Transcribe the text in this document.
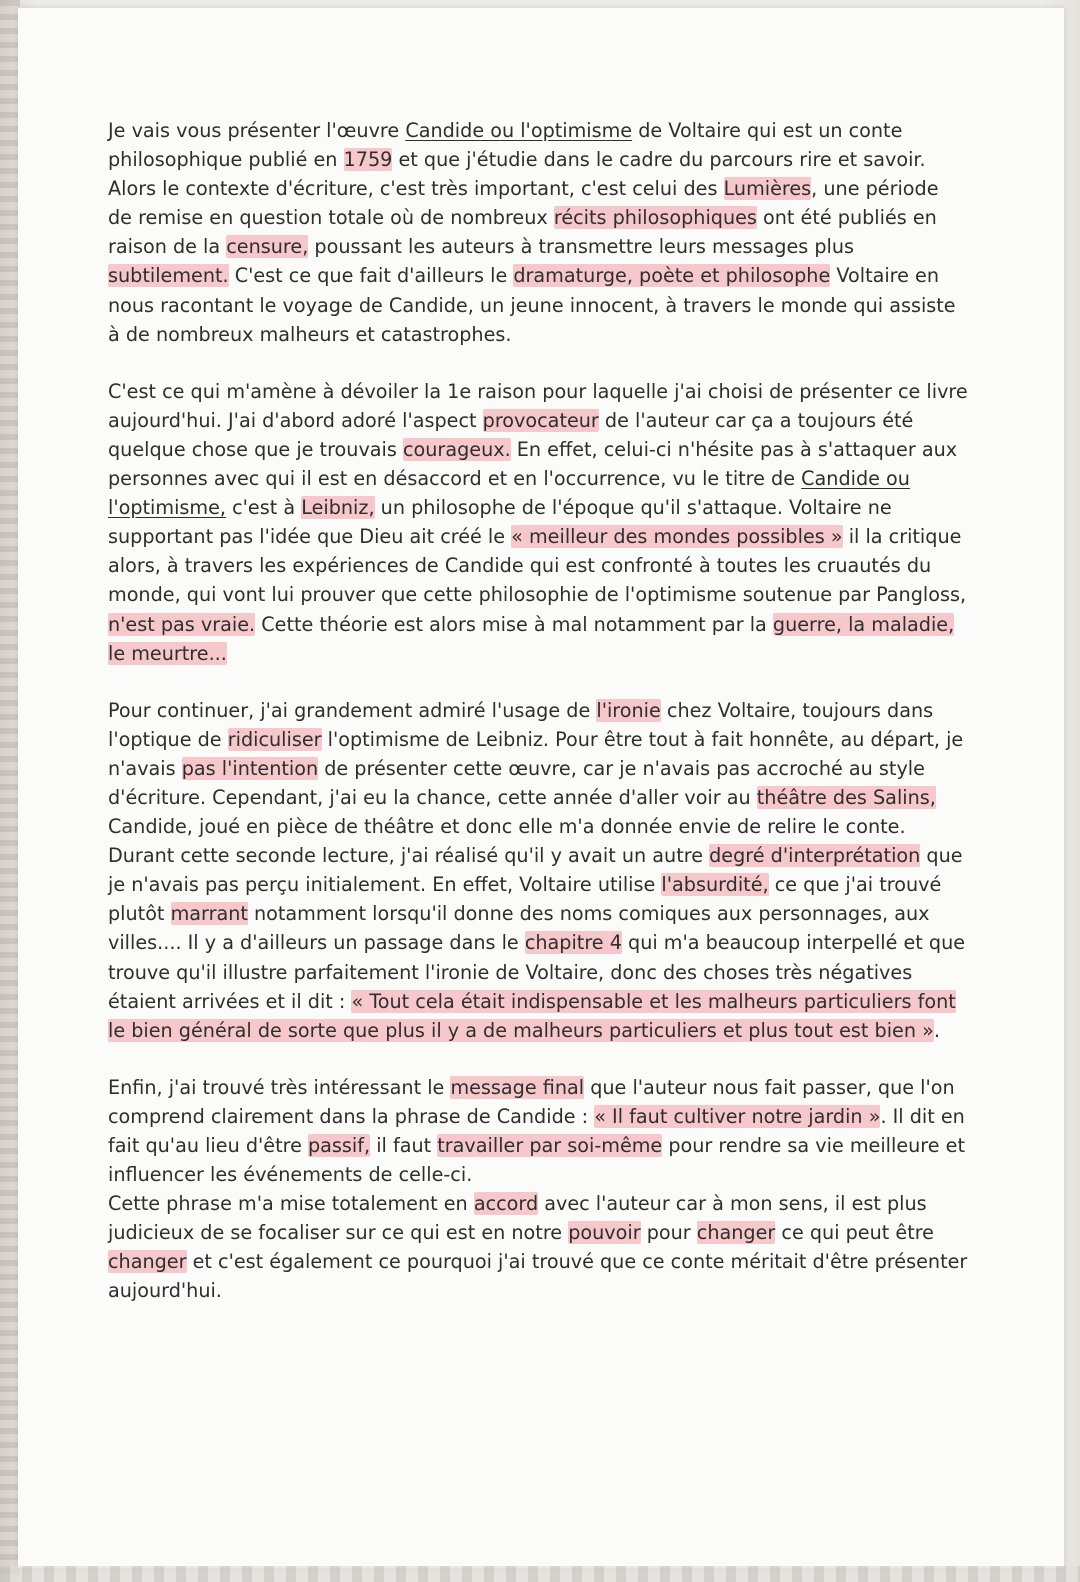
Je vais vous présenter l'œuvre Candide ou l'optimisme de Voltaire qui est un conte philosophique publié en 1759 et que j'étudie dans le cadre du parcours rire et savoir. Alors le contexte d'écriture, c'est très important, c'est celui des Lumières, une période de remise en question totale où de nombreux récits philosophiques ont été publiés en raison de la censure, poussant les auteurs à transmettre leurs messages plus subtilement. C'est ce que fait d'ailleurs le dramaturge, poète et philosophe Voltaire en nous racontant le voyage de Candide, un jeune innocent, à travers le monde qui assiste à de nombreux malheurs et catastrophes.

C'est ce qui m'amène à dévoiler la 1e raison pour laquelle j'ai choisi de présenter ce livre aujourd'hui. J'ai d'abord adoré l'aspect provocateur de l'auteur car ça a toujours été quelque chose que je trouvais courageux. En effet, celui-ci n'hésite pas à s'attaquer aux personnes avec qui il est en désaccord et en l'occurrence, vu le titre de Candide ou l'optimisme, c'est à Leibniz, un philosophe de l'époque qu'il s'attaque. Voltaire ne supportant pas l'idée que Dieu ait créé le « meilleur des mondes possibles » il la critique alors, à travers les expériences de Candide qui est confronté à toutes les cruautés du monde, qui vont lui prouver que cette philosophie de l'optimisme soutenue par Pangloss, n'est pas vraie. Cette théorie est alors mise à mal notamment par la guerre, la maladie, le meurtre...

Pour continuer, j'ai grandement admiré l'usage de l'ironie chez Voltaire, toujours dans l'optique de ridiculiser l'optimisme de Leibniz. Pour être tout à fait honnête, au départ, je n'avais pas l'intention de présenter cette œuvre, car je n'avais pas accroché au style d'écriture. Cependant, j'ai eu la chance, cette année d'aller voir au théâtre des Salins, Candide, joué en pièce de théâtre et donc elle m'a donnée envie de relire le conte. Durant cette seconde lecture, j'ai réalisé qu'il y avait un autre degré d'interprétation que je n'avais pas perçu initialement. En effet, Voltaire utilise l'absurdité, ce que j'ai trouvé plutôt marrant notamment lorsqu'il donne des noms comiques aux personnages, aux villes.... Il y a d'ailleurs un passage dans le chapitre 4 qui m'a beaucoup interpellé et que trouve qu'il illustre parfaitement l'ironie de Voltaire, donc des choses très négatives étaient arrivées et il dit : « Tout cela était indispensable et les malheurs particuliers font le bien général de sorte que plus il y a de malheurs particuliers et plus tout est bien ».

Enfin, j'ai trouvé très intéressant le message final que l'auteur nous fait passer, que l'on comprend clairement dans la phrase de Candide : « Il faut cultiver notre jardin ». Il dit en fait qu'au lieu d'être passif, il faut travailler par soi-même pour rendre sa vie meilleure et influencer les événements de celle-ci.

Cette phrase m'a mise totalement en accord avec l'auteur car à mon sens, il est plus judicieux de se focaliser sur ce qui est en notre pouvoir pour changer ce qui peut être changer et c'est également ce pourquoi j'ai trouvé que ce conte méritait d'être présenter aujourd'hui.
